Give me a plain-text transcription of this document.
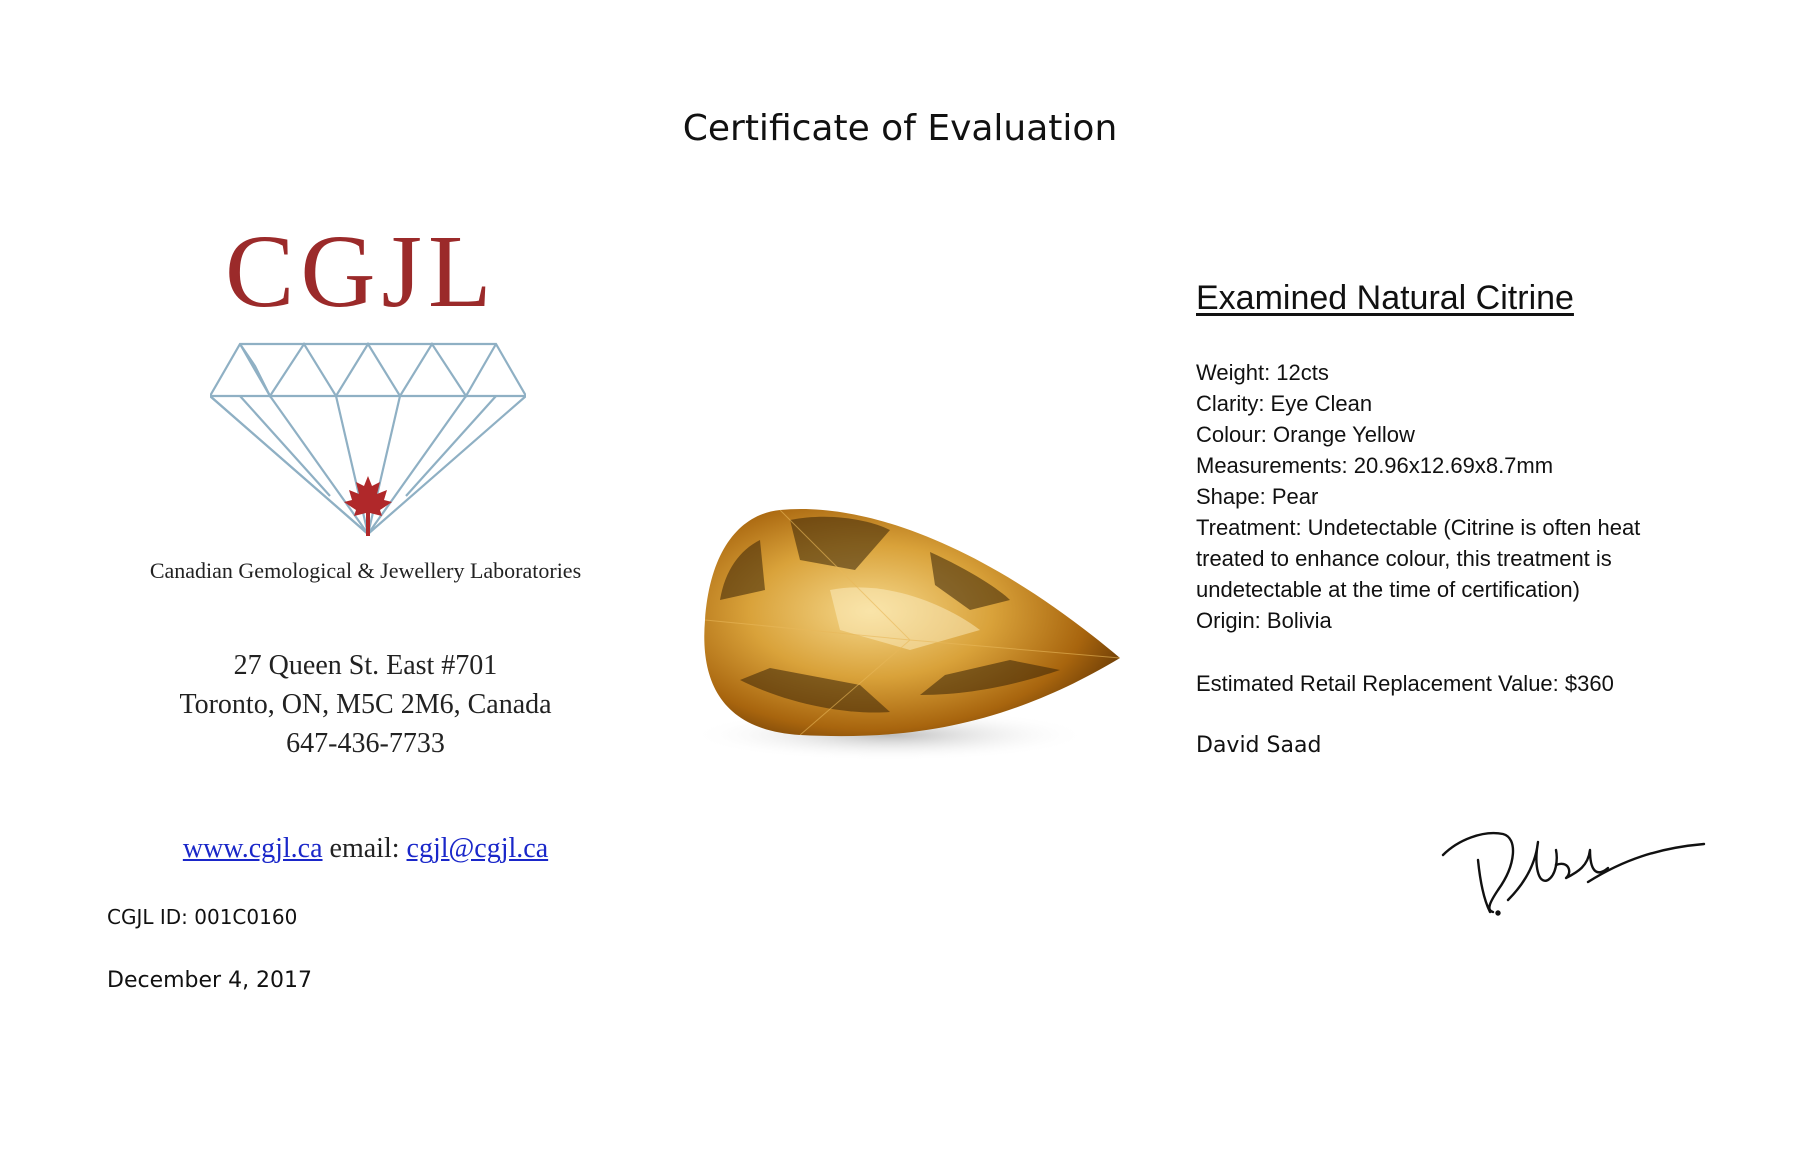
Certificate of Evaluation
CGJL
Canadian Gemological & Jewellery Laboratories
27 Queen St. East #701
Toronto, ON, M5C 2M6, Canada
647-436-7733
www.cgjl.ca email: cgjl@cgjl.ca
CGJL ID: 001C0160
December 4, 2017
Examined Natural Citrine
Weight: 12cts
Clarity: Eye Clean
Colour: Orange Yellow
Measurements: 20.96x12.69x8.7mm
Shape: Pear
Treatment: Undetectable (Citrine is often heat
treated to enhance colour, this treatment is
undetectable at the time of certification)
Origin: Bolivia
Estimated Retail Replacement Value: $360
David Saad
